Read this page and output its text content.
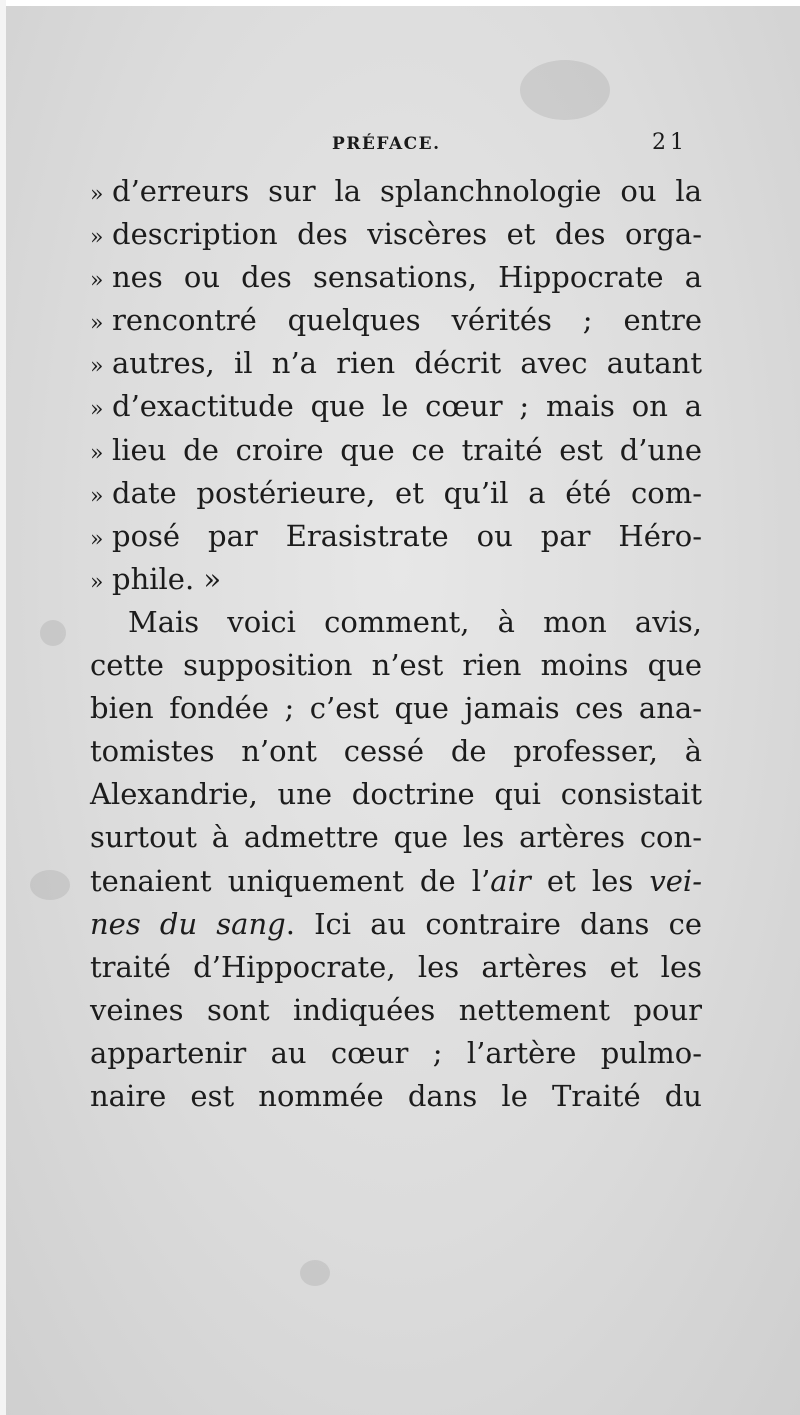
PRÉFACE.	21
» d’erreurs sur la splanchnologie ou la
» description des viscères et des orga-
» nes ou des sensations, Hippocrate a
» rencontré quelques vérités ; entre
» autres, il n’a rien décrit avec autant
» d’exactitude que le cœur ; mais on a
» lieu de croire que ce traité est d’une
» date postérieure, et qu’il a été com-
» posé par Erasistrate ou par Héro-
» phile. »
Mais voici comment, à mon avis,
cette supposition n’est rien moins que
bien fondée ; c’est que jamais ces ana-
tomistes n’ont cessé de professer, à
Alexandrie, une doctrine qui consistait
surtout à admettre que les artères con-
tenaient uniquement de l’air et les vei-
nes du sang. Ici au contraire dans ce
traité d’Hippocrate, les artères et les
veines sont indiquées nettement pour
appartenir au cœur ; l’artère pulmo-
naire est nommée dans le Traité du
